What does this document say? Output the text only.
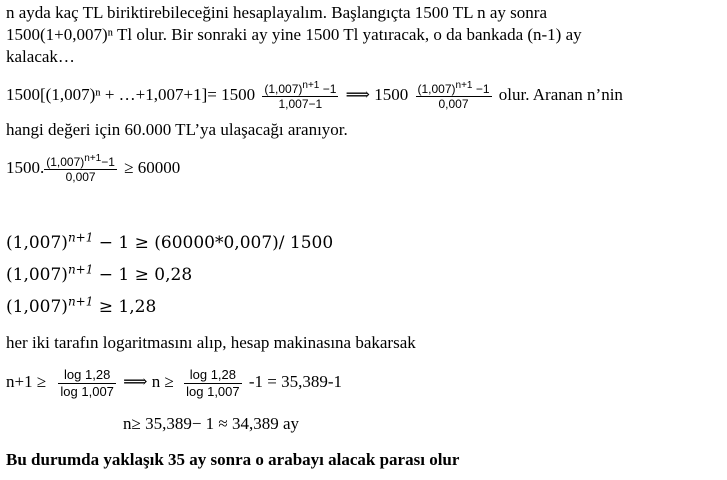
n ayda kaç TL biriktirebileceğini hesaplayalım. Başlangıçta 1500 TL n ay sonra
1500(1+0,007)ⁿ Tl olur. Bir sonraki ay yine 1500 Tl yatıracak, o da bankada (n-1) ay
kalacak…
1500[(1,007)ⁿ + …+1,007+1]= $1500 \frac{(1,007)^{n+1} -1}{1,007-1}$ ⟹ $1500 \frac{(1,007)^{n+1} -1}{0,007}$ olur. Aranan n’nin
hangi değeri için 60.000 TL’ya ulaşacağı aranıyor.
1500. $\frac{(1,007)^{n+1}-1}{0,007} \ge 60000$
$(1,007)^{n+1} - 1 \ge (60000*0,007)/$ 1500
$(1,007)^{n+1} - 1 \ge 0,28$
$(1,007)^{n+1} \ge 1,28$
her iki tarafın logaritmasını alıp, hesap makinasına bakarsak
$n+1 \ge \frac{\log 1,28}{\log 1,007}$ ⟹ $n \ge \frac{\log 1,28}{\log 1,007} -1 = 35,389-1$
n≥ 35,389− 1 ≈ 34,389 ay
Bu durumda yaklaşık 35 ay sonra o arabayı alacak parası olur
